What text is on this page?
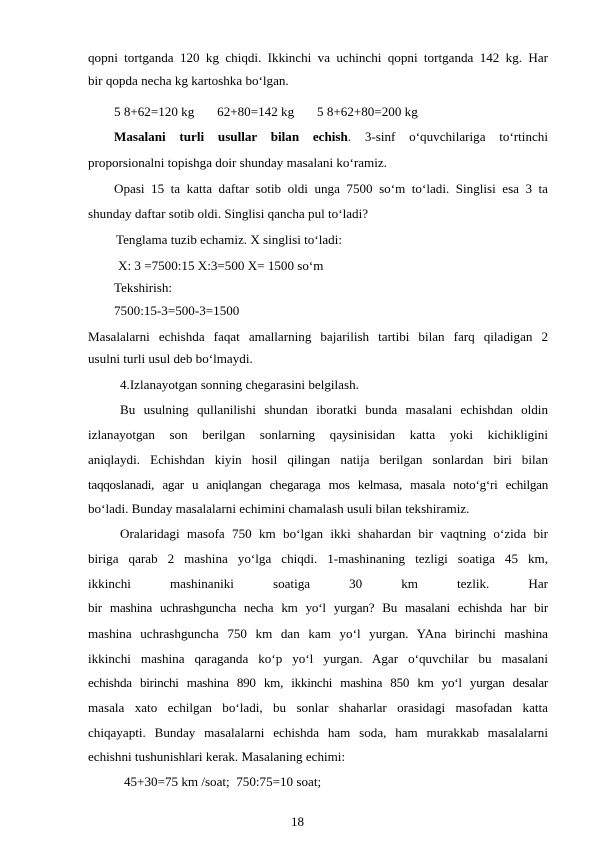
qopni tortganda 120 kg chiqdi. Ikkinchi va uchinchi qopni tortganda 142 kg. Har
bir qopda necha kg kartoshka bo‘lgan.
5 8+62=120 kg       62+80=142 kg       5 8+62+80=200 kg
Masalani turli usullar bilan echish. 3-sinf o‘quvchilariga to‘rtinchi
proporsionalni topishga doir shunday masalani ko‘ramiz.
Opasi 15 ta katta daftar sotib oldi unga 7500 so‘m to‘ladi. Singlisi esa 3 ta
shunday daftar sotib oldi. Singlisi qancha pul to‘ladi?
Tenglama tuzib echamiz. X singlisi to‘ladi:
X: 3 =7500:15 X:3=500 X= 1500 so‘m
Tekshirish:
7500:15-3=500-3=1500
Masalalarni echishda faqat amallarning bajarilish tartibi bilan farq qiladigan 2
usulni turli usul deb bo‘lmaydi.
4.Izlanayotgan sonning chegarasini belgilash.
Bu usulning qullanilishi shundan iboratki bunda masalani echishdan oldin
izlanayotgan son berilgan sonlarning qaysinisidan katta yoki kichikligini
aniqlaydi. Echishdan kiyin hosil qilingan natija berilgan sonlardan biri bilan
taqqoslanadi, agar u aniqlangan chegaraga mos kelmasa, masala noto‘g‘ri echilgan
bo‘ladi. Bunday masalalarni echimini chamalash usuli bilan tekshiramiz.
Oralaridagi masofa 750 km bo‘lgan ikki shahardan bir vaqtning o‘zida bir
biriga qarab 2 mashina yo‘lga chiqdi. 1-mashinaning tezligi soatiga 45 km,
ikkinchi mashinaniki soatiga 30 km tezlik. Har
bir mashina uchrashguncha necha km yo‘l yurgan? Bu masalani echishda har bir
mashina uchrashguncha 750 km dan kam yo‘l yurgan. YAna birinchi mashina
ikkinchi mashina qaraganda ko‘p yo‘l yurgan. Agar o‘quvchilar bu masalani
echishda birinchi mashina 890 km, ikkinchi mashina 850 km yo‘l yurgan desalar
masala xato echilgan bo‘ladi, bu sonlar shaharlar orasidagi masofadan katta
chiqayapti. Bunday masalalarni echishda ham soda, ham murakkab masalalarni
echishni tushunishlari kerak. Masalaning echimi:
45+30=75 km /soat;  750:75=10 soat;
18
